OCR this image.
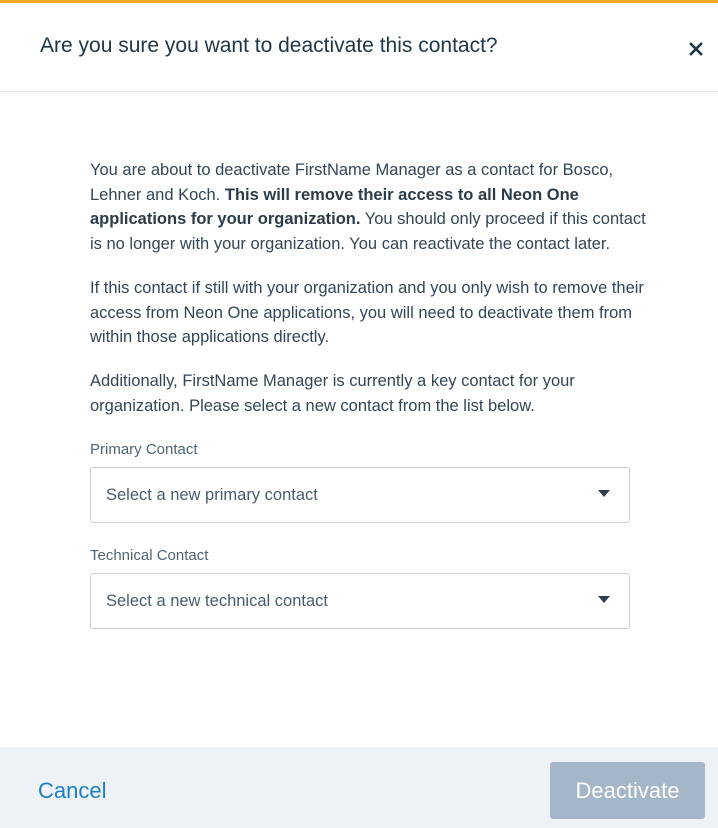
Are you sure you want to deactivate this contact?

You are about to deactivate FirstName Manager as a contact for Bosco, Lehner and Koch. This will remove their access to all Neon One applications for your organization. You should only proceed if this contact is no longer with your organization. You can reactivate the contact later.

If this contact if still with your organization and you only wish to remove their access from Neon One applications, you will need to deactivate them from within those applications directly.

Additionally, FirstName Manager is currently a key contact for your organization. Please select a new contact from the list below.

Primary Contact
Select a new primary contact
Technical Contact
Select a new technical contact
Cancel	Deactivate
